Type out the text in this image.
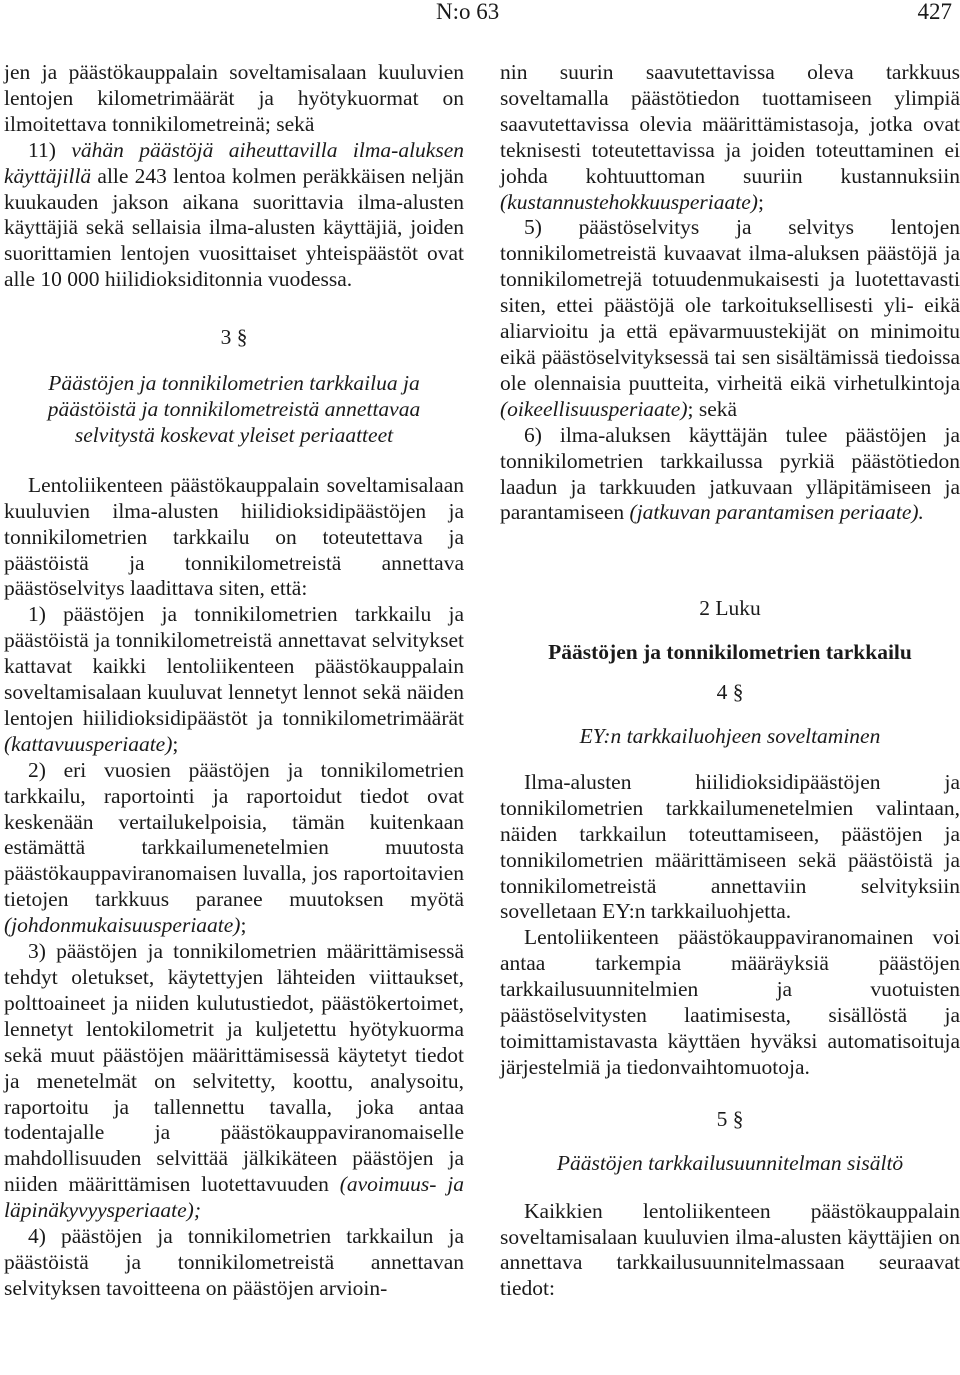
N:o 63	427

jen ja päästökauppalain soveltamisalaan kuuluvien lentojen kilometrimäärät ja hyötykuormat on ilmoitettava tonnikilometreinä; sekä

11) vähän päästöjä aiheuttavilla ilma-aluksen käyttäjillä alle 243 lentoa kolmen peräkkäisen neljän kuukauden jakson aikana suorittavia ilma-alusten käyttäjiä sekä sellaisia ilma-alusten käyttäjiä, joiden suorittamien lentojen vuosittaiset yhteispäästöt ovat alle 10 000 hiilidioksiditonnia vuodessa.

3 §

Päästöjen ja tonnikilometrien tarkkailua ja päästöistä ja tonnikilometreistä annettavaa selvitystä koskevat yleiset periaatteet

Lentoliikenteen päästökauppalain soveltamisalaan kuuluvien ilma-alusten hiilidioksidipäästöjen ja tonnikilometrien tarkkailu on toteutettava ja päästöistä ja tonnikilometreistä annettava päästöselvitys laadittava siten, että:

1) päästöjen ja tonnikilometrien tarkkailu ja päästöistä ja tonnikilometreistä annettavat selvitykset kattavat kaikki lentoliikenteen päästökauppalain soveltamisalaan kuuluvat lennetyt lennot sekä näiden lentojen hiilidioksidipäästöt ja tonnikilometrimäärät (kattavuusperiaate);

2) eri vuosien päästöjen ja tonnikilometrien tarkkailu, raportointi ja raportoidut tiedot ovat keskenään vertailukelpoisia, tämän kuitenkaan estämättä tarkkailumenetelmien muutosta päästökauppaviranomaisen luvalla, jos raportoitavien tietojen tarkkuus paranee muutoksen myötä (johdonmukaisuusperiaate);

3) päästöjen ja tonnikilometrien määrittämisessä tehdyt oletukset, käytettyjen lähteiden viittaukset, polttoaineet ja niiden kulutustiedot, päästökertoimet, lennetyt lentokilometrit ja kuljetettu hyötykuorma sekä muut päästöjen määrittämisessä käytetyt tiedot ja menetelmät on selvitetty, koottu, analysoitu, raportoitu ja tallennettu tavalla, joka antaa todentajalle ja päästökauppaviranomaiselle mahdollisuuden selvittää jälkikäteen päästöjen ja niiden määrittämisen luotettavuuden (avoimuus- ja läpinäkyvyysperiaate);

4) päästöjen ja tonnikilometrien tarkkailun ja päästöistä ja tonnikilometreistä annettavan selvityksen tavoitteena on päästöjen arvioin-

nin suurin saavutettavissa oleva tarkkuus soveltamalla päästötiedon tuottamiseen ylimpiä saavutettavissa olevia määrittämistasoja, jotka ovat teknisesti toteutettavissa ja joiden toteuttaminen ei johda kohtuuttoman suuriin kustannuksiin (kustannustehokkuusperiaate);

5) päästöselvitys ja selvitys lentojen tonnikilometreistä kuvaavat ilma-aluksen päästöjä ja tonnikilometrejä totuudenmukaisesti ja luotettavasti siten, ettei päästöjä ole tarkoituksellisesti yli- eikä aliarvioitu ja että epävarmuustekijät on minimoitu eikä päästöselvityksessä tai sen sisältämissä tiedoissa ole olennaisia puutteita, virheitä eikä virhetulkintoja (oikeellisuusperiaate); sekä

6) ilma-aluksen käyttäjän tulee päästöjen ja tonnikilometrien tarkkailussa pyrkiä päästötiedon laadun ja tarkkuuden jatkuvaan ylläpitämiseen ja parantamiseen (jatkuvan parantamisen periaate).

2 Luku

Päästöjen ja tonnikilometrien tarkkailu

4 §

EY:n tarkkailuohjeen soveltaminen

Ilma-alusten hiilidioksidipäästöjen ja tonnikilometrien tarkkailumenetelmien valintaan, näiden tarkkailun toteuttamiseen, päästöjen ja tonnikilometrien määrittämiseen sekä päästöistä ja tonnikilometreistä annettaviin selvityksiin sovelletaan EY:n tarkkailuohjetta.

Lentoliikenteen päästökauppaviranomainen voi antaa tarkempia määräyksiä päästöjen tarkkailusuunnitelmien ja vuotuisten päästöselvitysten laatimisesta, sisällöstä ja toimittamistavasta käyttäen hyväksi automatisoituja järjestelmiä ja tiedonvaihtomuotoja.

5 §

Päästöjen tarkkailusuunnitelman sisältö

Kaikkien lentoliikenteen päästökauppalain soveltamisalaan kuuluvien ilma-alusten käyttäjien on annettava tarkkailusuunnitelmassaan seuraavat tiedot:
